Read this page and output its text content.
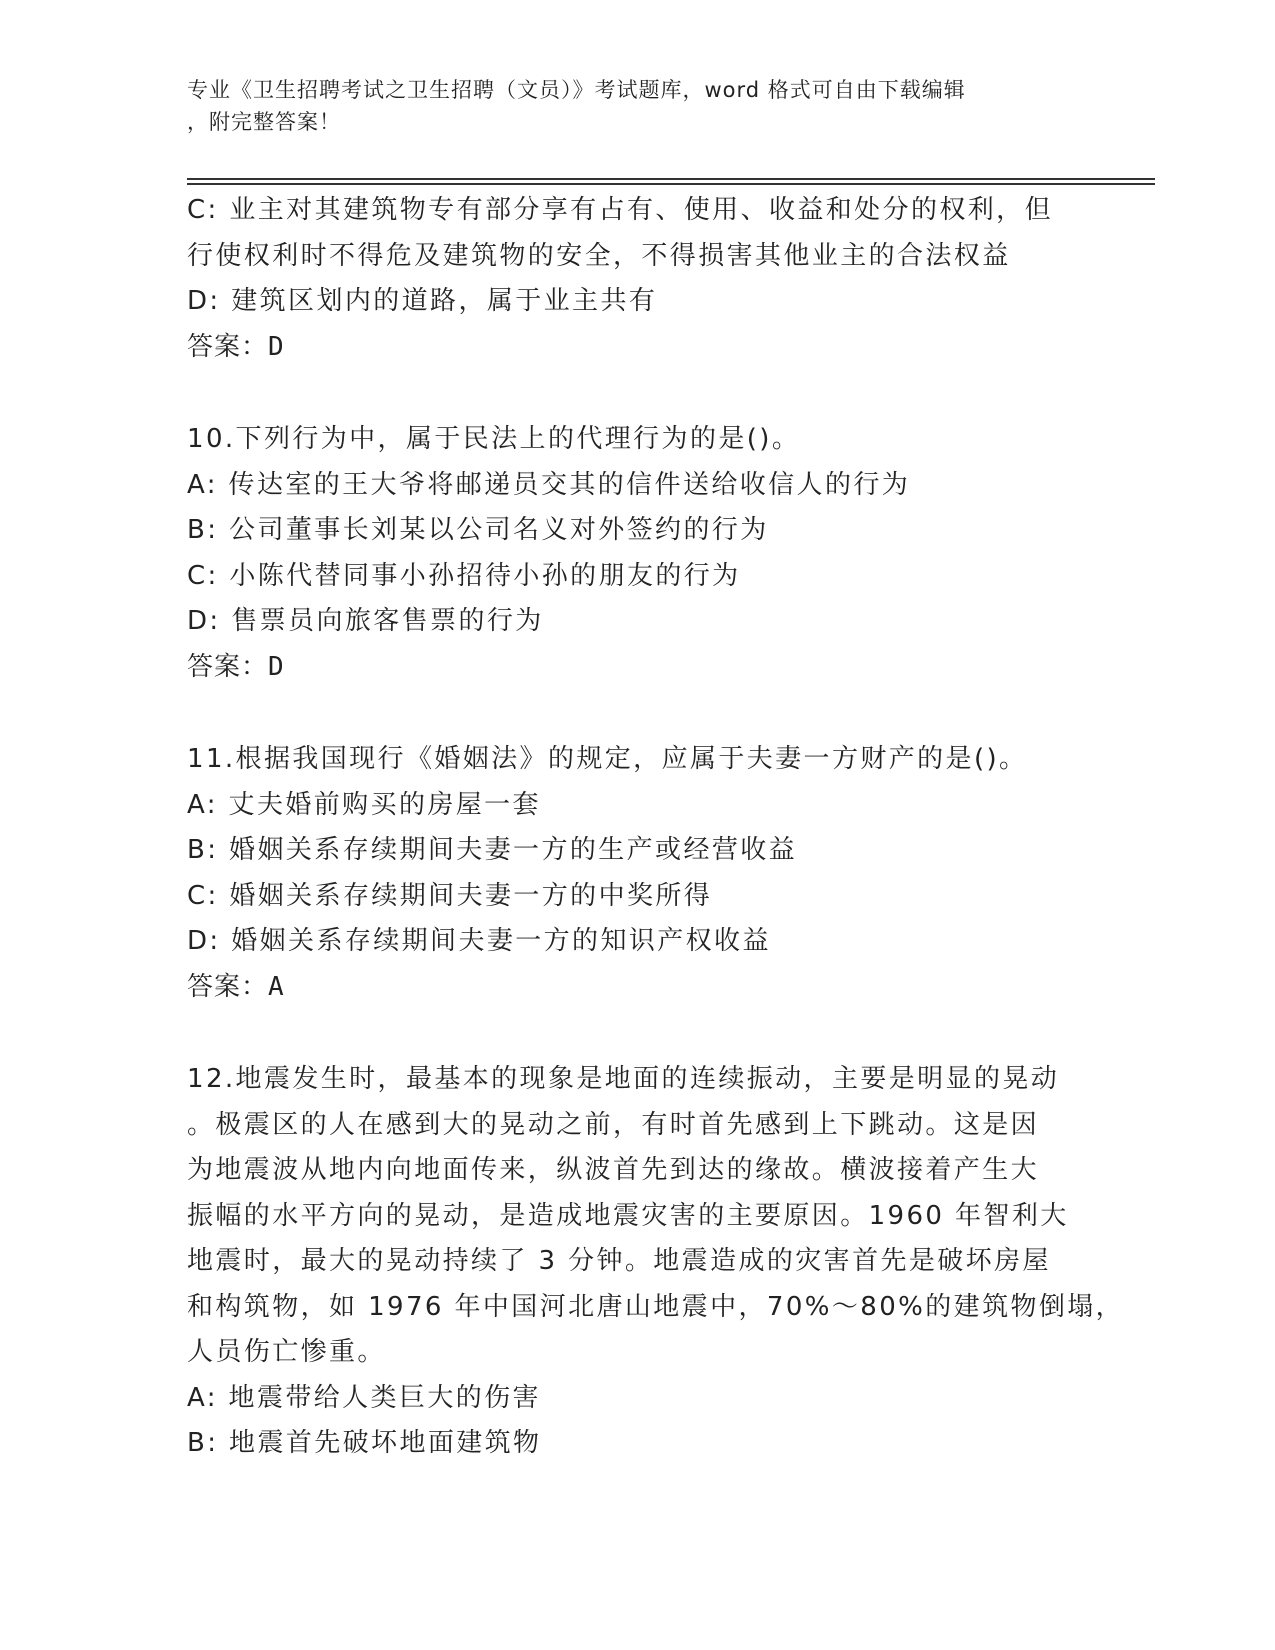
专业《卫生招聘考试之卫生招聘（文员）》考试题库，word 格式可自由下载编辑
，附完整答案！
C: 业主对其建筑物专有部分享有占有、使用、收益和处分的权利，但
行使权利时不得危及建筑物的安全，不得损害其他业主的合法权益
D: 建筑区划内的道路，属于业主共有
答案：D
10.下列行为中，属于民法上的代理行为的是()。
A: 传达室的王大爷将邮递员交其的信件送给收信人的行为
B: 公司董事长刘某以公司名义对外签约的行为
C: 小陈代替同事小孙招待小孙的朋友的行为
D: 售票员向旅客售票的行为
答案：D
11.根据我国现行《婚姻法》的规定，应属于夫妻一方财产的是()。
A: 丈夫婚前购买的房屋一套
B: 婚姻关系存续期间夫妻一方的生产或经营收益
C: 婚姻关系存续期间夫妻一方的中奖所得
D: 婚姻关系存续期间夫妻一方的知识产权收益
答案：A
12.地震发生时，最基本的现象是地面的连续振动，主要是明显的晃动
。极震区的人在感到大的晃动之前，有时首先感到上下跳动。这是因
为地震波从地内向地面传来，纵波首先到达的缘故。横波接着产生大
振幅的水平方向的晃动，是造成地震灾害的主要原因。1960 年智利大
地震时，最大的晃动持续了 3 分钟。地震造成的灾害首先是破坏房屋
和构筑物，如 1976 年中国河北唐山地震中，70%～80%的建筑物倒塌，
人员伤亡惨重。
A: 地震带给人类巨大的伤害
B: 地震首先破坏地面建筑物
